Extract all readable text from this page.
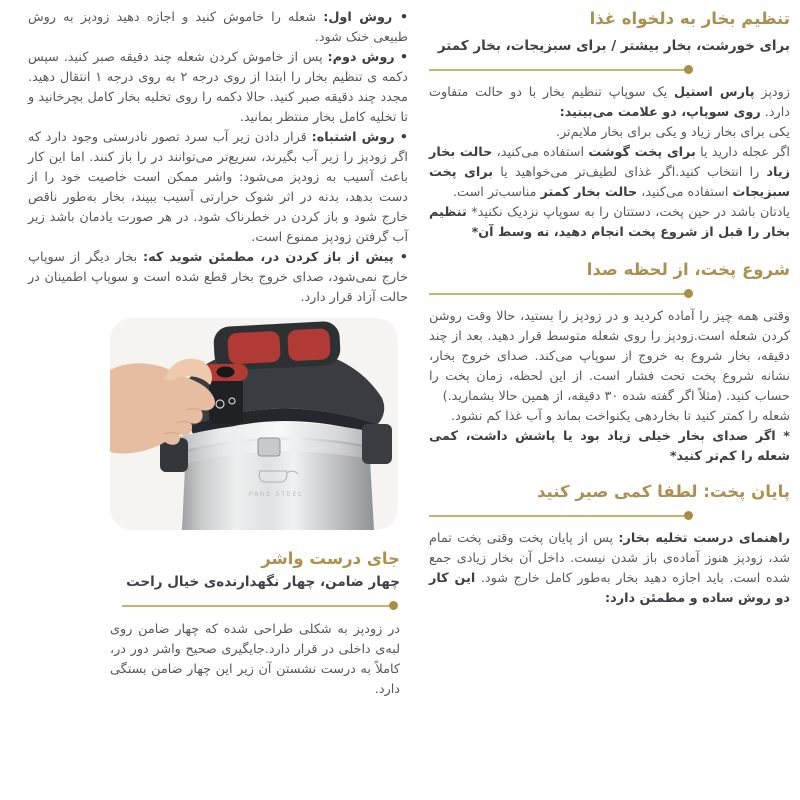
تنظیم بخار به دلخواه غذا

برای خورشت، بخار بیشتر / برای سبزیجات، بخار کمتر

زودپز پارس استیل یک سوپاپ تنظیم بخار با دو حالت متفاوت دارد. روی سوپاپ، دو علامت می‌بینید:

یکی برای بخار زیاد و یکی برای بخار ملایم‌تر.

اگر عجله دارید یا برای پخت گوشت استفاده می‌کنید، حالت بخار زیاد را انتخاب کنید.اگر غذای لطیف‌تر می‌خواهید یا برای پخت سبزیجات استفاده می‌کنید، حالت بخار کمتر مناسب‌تر است.

یادتان باشد در حین پخت، دستتان را به سوپاپ نزدیک نکنید* تنظیم بخار را قبل از شروع پخت انجام دهید، نه وسط آن*

شروع پخت، از لحظه صدا

وقتی همه چیز را آماده کردید و در زودپز را بستید، حالا وقت روشن کردن شعله است.زودپز را روی شعله متوسط قرار دهید. بعد از چند دقیقه، بخار شروع به خروج از سوپاپ می‌کند. صدای خروج بخار، نشانه شروع پخت تحت فشار است. از این لحظه، زمان پخت را حساب کنید. (مثلاً اگر گفته شده ۳۰ دقیقه، از همین حالا بشمارید.)

شعله را کمتر کنید تا بخاردهی یکنواخت بماند و آب غذا کم نشود.

* اگر صدای بخار خیلی زیاد بود یا پاشش داشت، کمی شعله را کم‌تر کنید*

پایان پخت: لطفا کمی صبر کنید

راهنمای درست تخلیه بخار: پس از پایان پخت وقتی پخت تمام شد، زودپز هنوز آماده‌ی باز شدن نیست. داخل آن بخار زیادی جمع شده است. باید اجازه دهید بخار به‌طور کامل خارج شود. این کار دو روش ساده و مطمئن دارد:

• روش اول: شعله را خاموش کنید و اجازه دهید زودپز به روش طبیعی خنک شود.

• روش دوم: پس از خاموش کردن شعله چند دقیقه صبر کنید. سپس دکمه ی تنظیم بخار را ابتدا از روی درجه ۲ به روی درجه ۱ انتقال دهید. مجدد چند دقیقه صبر کنید. حالا دکمه را روی تخلیه بخار کامل بچرخانید و تا تخلیه کامل بخار منتظر بمانید.

• روش اشتباه: قرار دادن زیر آب سرد تصور نادرستی وجود دارد که اگر زودپز را زیر آب بگیرند، سریع‌تر می‌توانند در را باز کنند. اما این کار باعث آسیب به زودپز می‌شود: واشر ممکن است خاصیت خود را از دست بدهد، بدنه در اثر شوک حرارتی آسیب ببیند، بخار به‌طور ناقص خارج شود و باز کردن در خطرناک شود. در هر صورت یادمان باشد زیر آب گرفتن زودپز ممنوع است.

• پیش از باز کردن در، مطمئن شوید که: بخار دیگر از سوپاپ خارج نمی‌شود، صدای خروج بخار قطع شده است و سوپاپ اطمینان در حالت آزاد قرار دارد.

PARS STEEL
جای درست واشر

چهار ضامن، چهار نگهدارنده‌ی خیال راحت

در زودپز به شکلی طراحی شده که چهار ضامن روی لبه‌ی داخلی در قرار دارد.جایگیری صحیح واشر دور در، کاملاً به درست نشستن آن زیر این چهار ضامن بستگی دارد.
